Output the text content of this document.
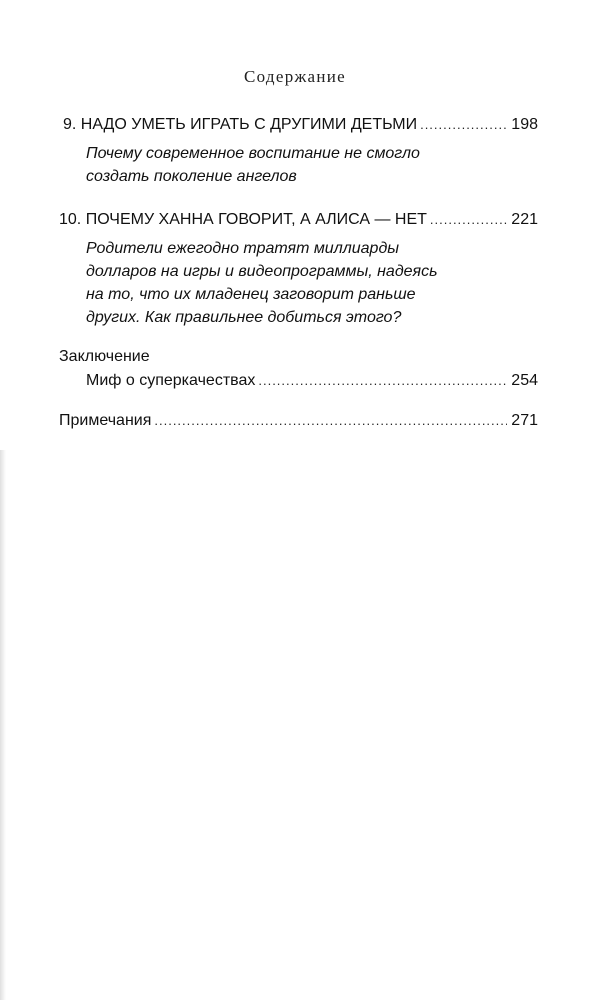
Содержание
9. НАДО УМЕТЬ ИГРАТЬ С ДРУГИМИ ДЕТЬМИ .....	198
Почему современное воспитание не смогло
создать поколение ангелов
10. ПОЧЕМУ ХАННА ГОВОРИТ, А АЛИСА — НЕТ .....	221
Родители ежегодно тратят миллиарды
долларов на игры и видеопрограммы, надеясь
на то, что их младенец заговорит раньше
других. Как правильнее добиться этого?
Заключение
Миф о суперкачествах .....	254
Примечания .....	271
